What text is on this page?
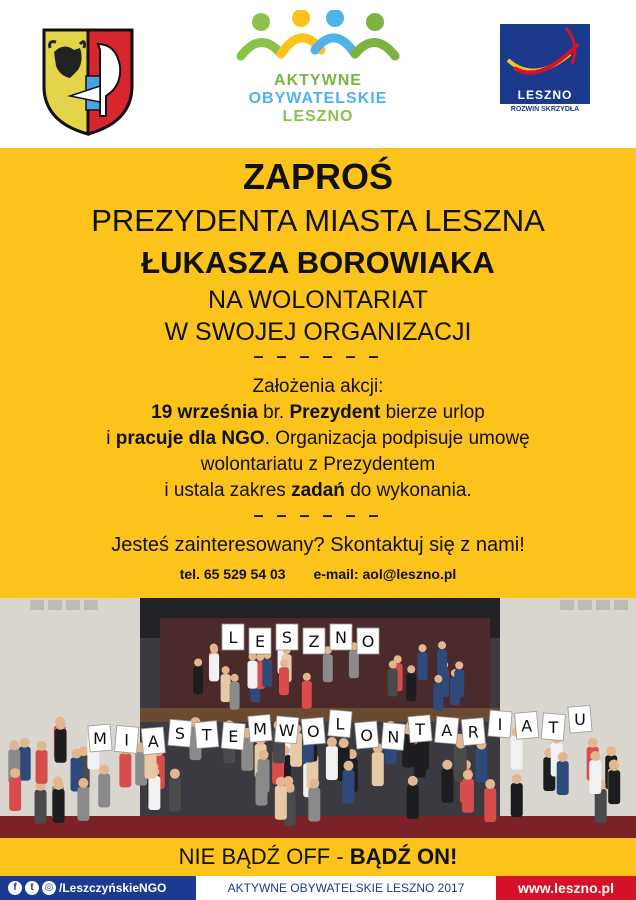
AKTYWNE
OBYWATELSKIE
LESZNO
LESZNO
ROZWIŃ SKRZYDŁA
ZAPROŚ
PREZYDENTA MIASTA LESZNA
ŁUKASZA BOROWIAKA
NA WOLONTARIAT
W SWOJEJ ORGANIZACJI
– – – – – –
Założenia akcji:
19 września br. Prezydent bierze urlop
i pracuje dla NGO. Organizacja podpisuje umowę
wolontariatu z Prezydentem
i ustala zakres zadań do wykonania.
– – – – – –
Jesteś zainteresowany? Skontaktuj się z nami!
tel. 65 529 54 03 e-mail: aol@leszno.pl
L E S Z N O
M I A S T E M W O L
O N T A R I A T U
NIE BĄDŹ OFF - BĄDŹ ON!
f	t	◎ /LeszczyńskieNGO	AKTYWNE OBYWATELSKIE LESZNO 2017	www.leszno.pl
